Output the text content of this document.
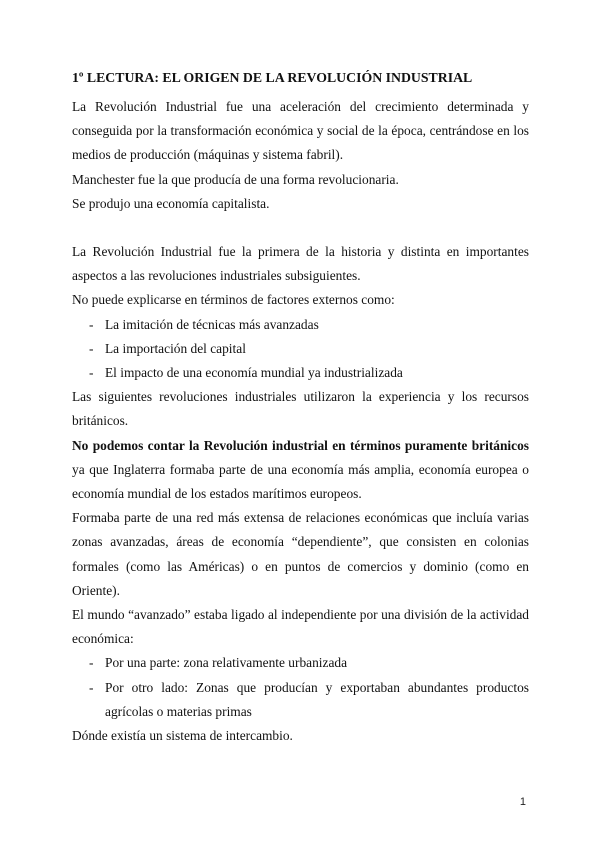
1º LECTURA: EL ORIGEN DE LA REVOLUCIÓN INDUSTRIAL

La Revolución Industrial fue una aceleración del crecimiento determinada y conseguida por la transformación económica y social de la época, centrándose en los medios de producción (máquinas y sistema fabril).

Manchester fue la que producía de una forma revolucionaria.

Se produjo una economía capitalista.

La Revolución Industrial fue la primera de la historia y distinta en importantes aspectos a las revoluciones industriales subsiguientes.

No puede explicarse en términos de factores externos como:

- La imitación de técnicas más avanzadas
- La importación del capital
- El impacto de una economía mundial ya industrializada

Las siguientes revoluciones industriales utilizaron la experiencia y los recursos británicos.

No podemos contar la Revolución industrial en términos puramente británicos ya que Inglaterra formaba parte de una economía más amplia, economía europea o economía mundial de los estados marítimos europeos.

Formaba parte de una red más extensa de relaciones económicas que incluía varias zonas avanzadas, áreas de economía “dependiente”, que consisten en colonias formales (como las Américas) o en puntos de comercios y dominio (como en Oriente).

El mundo “avanzado” estaba ligado al independiente por una división de la actividad económica:

- Por una parte: zona relativamente urbanizada
- Por otro lado: Zonas que producían y exportaban abundantes productos agrícolas o materias primas

Dónde existía un sistema de intercambio.

1
